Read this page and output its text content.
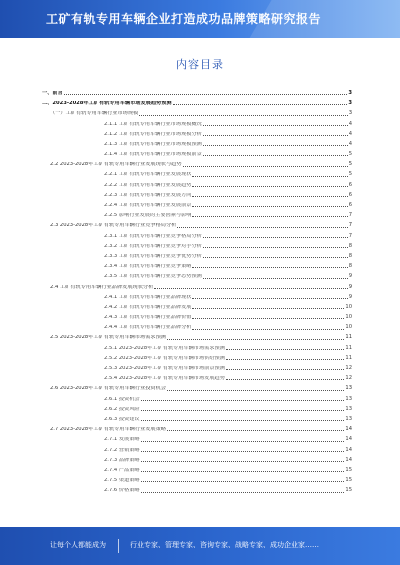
工矿有轨专用车辆企业打造成功品牌策略研究报告
内容目录
一、前言	3
二、2023-2028年工矿有轨专用车辆市场发展趋势预测	3
（一）工矿有轨专用车辆行业市场规模	3
2.1.1 工矿有轨专用车辆行业市场规模概况	4
2.1.2 工矿有轨专用车辆行业市场规模分析	4
2.1.3 工矿有轨专用车辆行业市场规模预测	4
2.1.4 工矿有轨专用车辆行业市场规模前景	5
2.2 2023-2028年工矿有轨专用车辆行业发展现状与趋势	5
2.2.1 工矿有轨专用车辆行业发展现状	5
2.2.2 工矿有轨专用车辆行业发展趋势	6
2.2.3 工矿有轨专用车辆行业发展方向	6
2.2.4 工矿有轨专用车辆行业发展前景	6
2.2.5 影响行业发展的主要因素与影响	7
2.3 2023-2028年工矿有轨专用车辆行业竞争格局分析	7
2.3.1 工矿有轨专用车辆行业竞争格局分析	7
2.3.2 工矿有轨专用车辆行业竞争对手分析	8
2.3.3 工矿有轨专用车辆行业竞争优势分析	8
2.3.4 工矿有轨专用车辆行业竞争策略	8
2.3.5 工矿有轨专用车辆行业竞争态势预测	9
2.4 工矿有轨专用车辆行业品牌发展现状分析	9
2.4.1 工矿有轨专用车辆行业品牌现状	9
2.4.2 工矿有轨专用车辆行业品牌发展	10
2.4.3 工矿有轨专用车辆行业品牌价值	10
2.4.4 工矿有轨专用车辆行业品牌分析	10
2.5 2023-2028年工矿有轨专用车辆市场需求预测	11
2.5.1 2023-2028年工矿有轨专用车辆市场需求预测	11
2.5.2 2023-2028年工矿有轨专用车辆市场供给预测	11
2.5.3 2023-2028年工矿有轨专用车辆市场前景预测	12
2.5.4 2023-2028年工矿有轨专用车辆市场发展趋势	12
2.6 2023-2028年工矿有轨专用车辆行业投资机会	13
2.6.1 投资机会	13
2.6.2 投资风险	13
2.6.3 投资建议	13
2.7 2023-2028年工矿有轨专用车辆行业发展策略	14
2.7.1 发展策略	14
2.7.2 营销策略	14
2.7.3 品牌策略	14
2.7.4 产品策略	15
2.7.5 渠道策略	15
2.7.6 价格策略	15
让每个人都能成为	行业专家、管理专家、咨询专家、战略专家、成功企业家……
